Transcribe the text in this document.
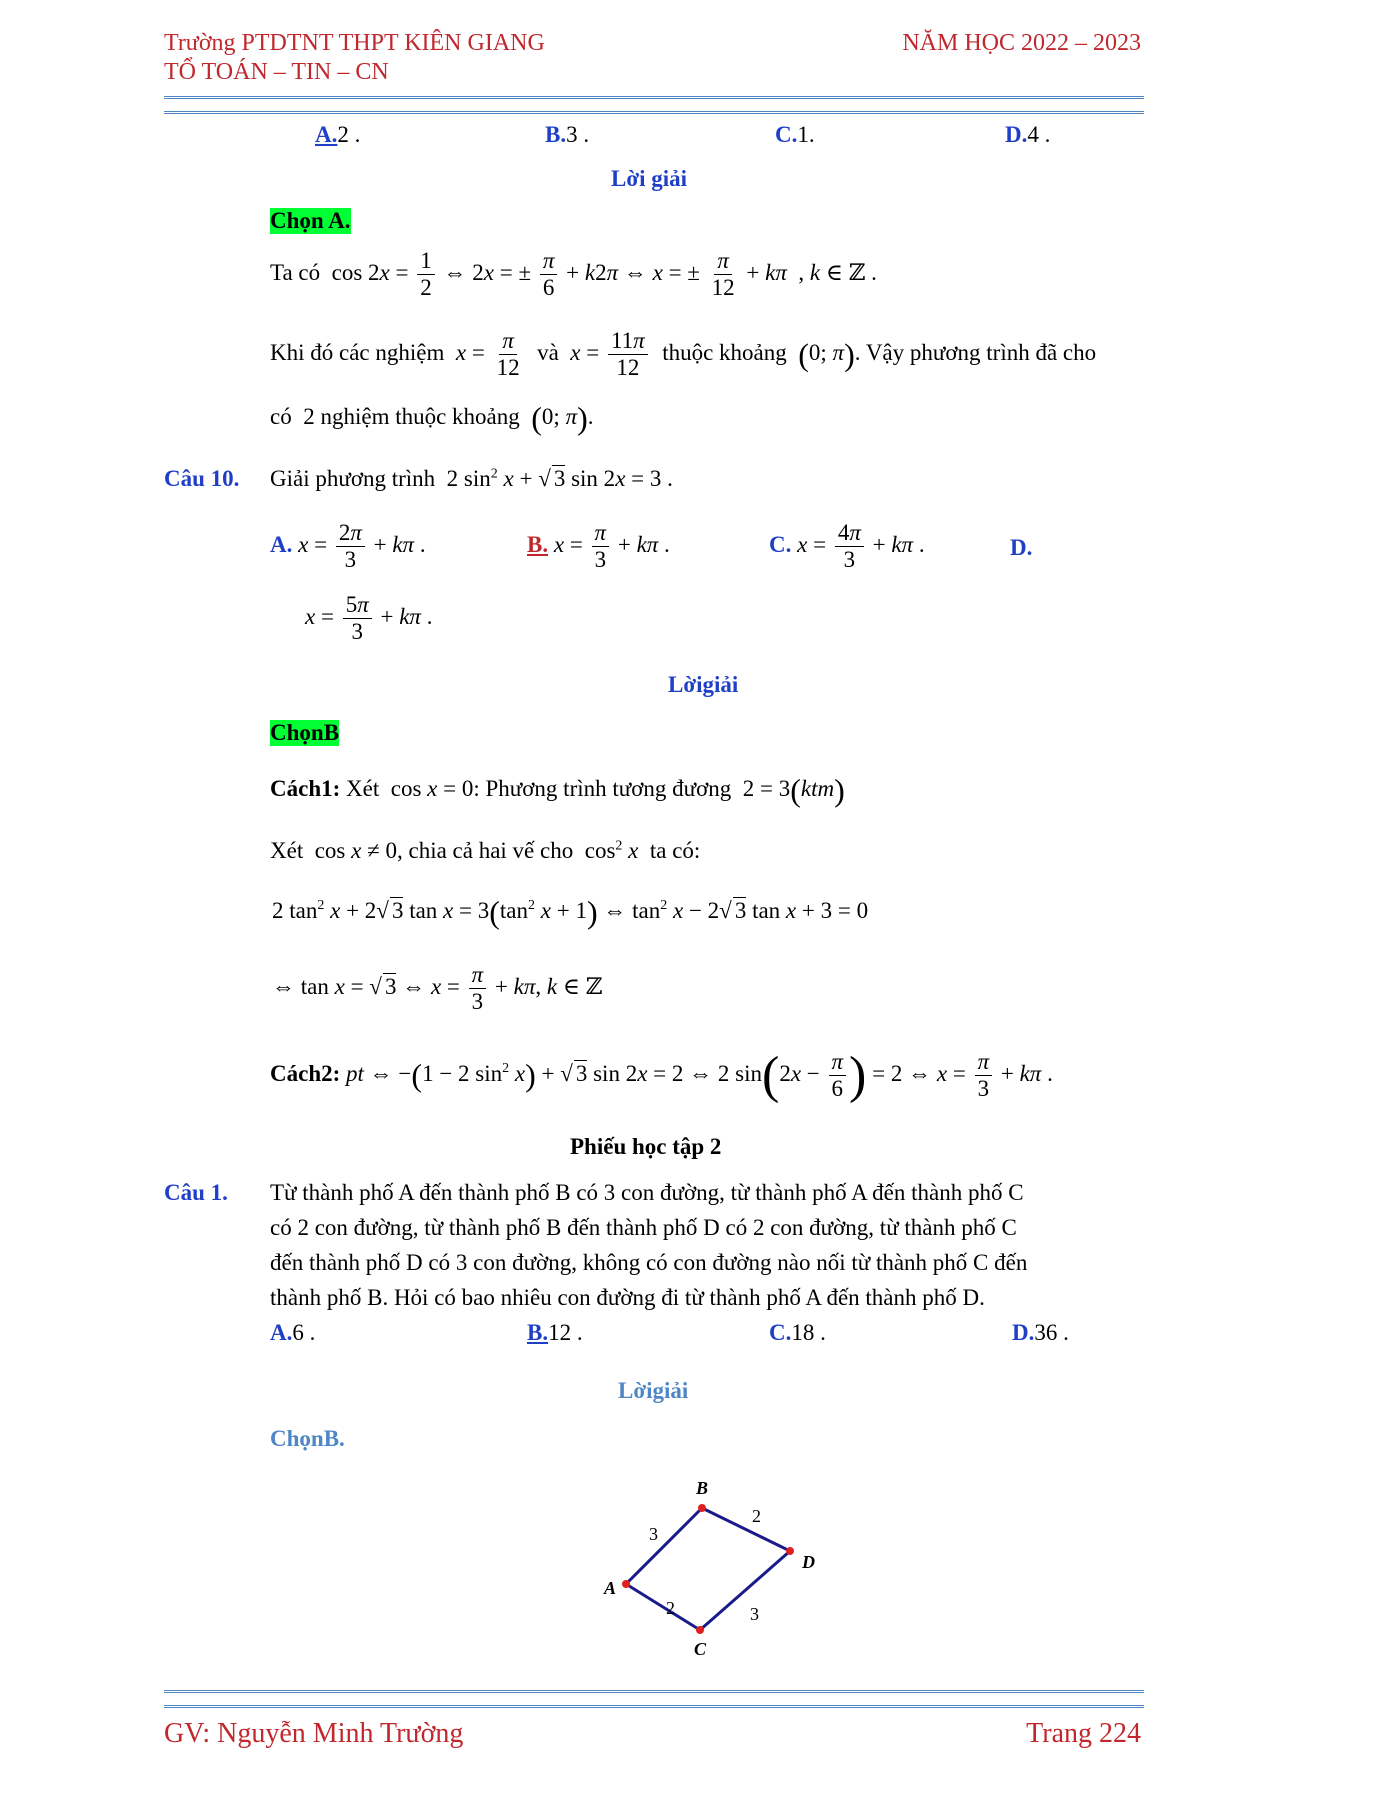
Trường PTDTNT THPT KIÊN GIANG
TỔ TOÁN – TIN – CN
NĂM HỌC 2022 – 2023
A.2 .	B.3 .	C.1.	D.4 .
Lời giải
Chọn A.
Ta có  $\cos 2x = \frac{1}{2}$ ⇔ 2x = ± $\frac{\pi}{6} + k2\pi$ ⇔ x = ± $\frac{\pi}{12} + k\pi$  , k ∈ ℤ .
Khi đó các nghiệm $x = \frac{\pi}{12}$ và $x = \frac{11\pi}{12}$ thuộc khoảng (0; π). Vậy phương trình đã cho
có 2 nghiệm thuộc khoảng (0; π).
Câu 10. Giải phương trình  2 $\sin^2 x$ + √ 3 sin 2x = 3 .
A. $x = \frac{2\pi}{3} + k\pi$ .	B. $x = \frac{\pi}{3} + k\pi$ .	C. $x = \frac{4\pi}{3} + k\pi$ .	D.
$x = \frac{5\pi}{3} + k\pi$ .
Lờigiải
ChọnB
Cách1: Xét  cos x = 0: Phương trình tương đương  2 = 3(ktm)
Xét  cos x ≠ 0, chia cả hai vế cho  $\cos^2 x$ ta có:
2 $\tan^2 x + 2√$ 3 $\tan x = 3(\tan^2$ x + 1) ⇔ $\tan^2 x - 2√$ 3 tan x + 3 = 0
⇔ tan x = √ 3 ⇔ $x = \frac{\pi}{3} + k\pi$, k ∈ ℤ
Cách2: pt ⇔ −(1 − 2 $\sin^2 x$) + √ 3 sin 2x = 2 ⇔ 2 $\sin(2x - \frac{\pi}{6}$ ) = 2 ⇔ $x = \frac{\pi}{3} + k\pi$ .
Phiếu học tập 2
Câu 1. Từ thành phố A đến thành phố B có 3 con đường, từ thành phố A đến thành phố C
có 2 con đường, từ thành phố B đến thành phố D có 2 con đường, từ thành phố C
đến thành phố D có 3 con đường, không có con đường nào nối từ thành phố C đến
thành phố B. Hỏi có bao nhiêu con đường đi từ thành phố A đến thành phố D.
A.6 .	B.12 .	C.18 .	D.36 .
Lờigiải
ChọnB.
A
B
C
D
3
2
2	3
GV: Nguyễn Minh Trường	Trang 224
